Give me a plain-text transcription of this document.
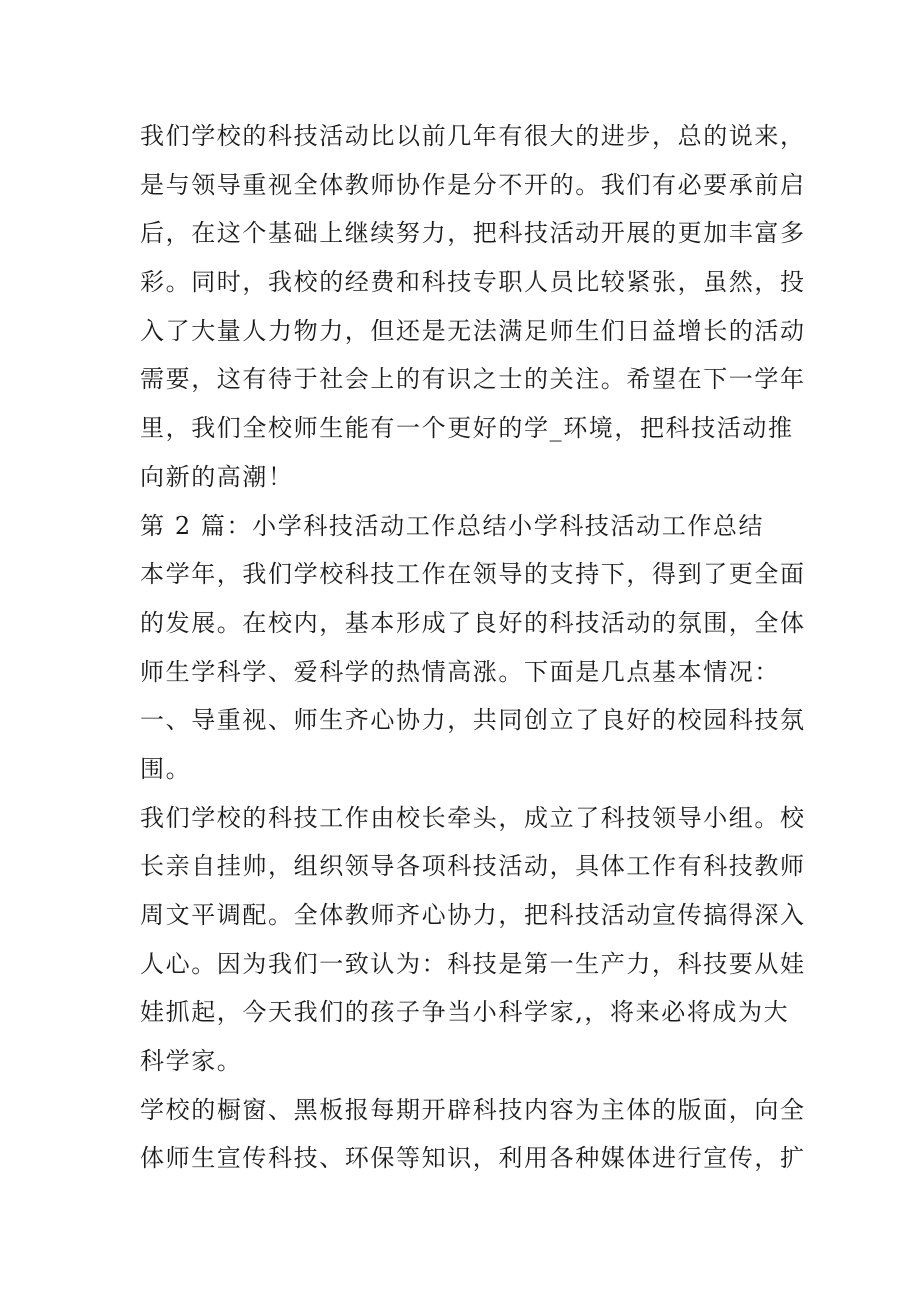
我们学校的科技活动比以前几年有很大的进步，总的说来，
是与领导重视全体教师协作是分不开的。我们有必要承前启
后，在这个基础上继续努力，把科技活动开展的更加丰富多
彩。同时，我校的经费和科技专职人员比较紧张，虽然，投
入了大量人力物力，但还是无法满足师生们日益增长的活动
需要，这有待于社会上的有识之士的关注。希望在下一学年
里，我们全校师生能有一个更好的学_环境，把科技活动推
向新的高潮！
第 2 篇：小学科技活动工作总结小学科技活动工作总结
本学年，我们学校科技工作在领导的支持下，得到了更全面
的发展。在校内，基本形成了良好的科技活动的氛围，全体
师生学科学、爱科学的热情高涨。下面是几点基本情况：
一、导重视、师生齐心协力，共同创立了良好的校园科技氛
围。
我们学校的科技工作由校长牵头，成立了科技领导小组。校
长亲自挂帅，组织领导各项科技活动，具体工作有科技教师
周文平调配。全体教师齐心协力，把科技活动宣传搞得深入
人心。因为我们一致认为：科技是第一生产力，科技要从娃
娃抓起，今天我们的孩子争当小科学家,，将来必将成为大
科学家。
学校的橱窗、黑板报每期开辟科技内容为主体的版面，向全
体师生宣传科技、环保等知识，利用各种媒体进行宣传，扩
